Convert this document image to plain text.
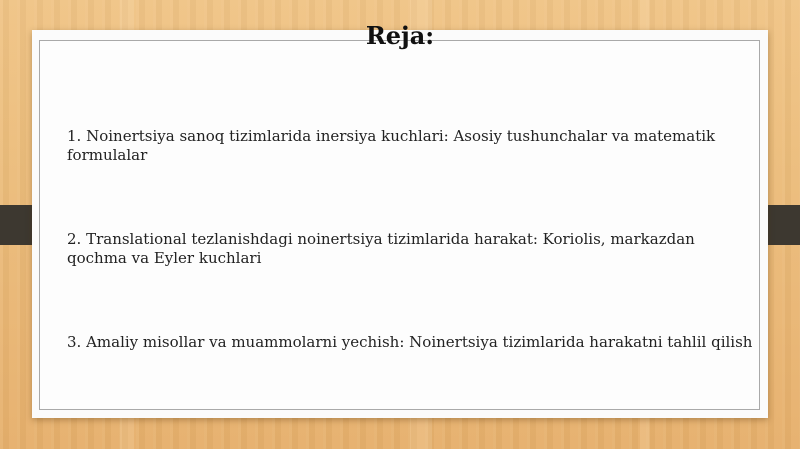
Reja:

1. Noinertsiya sanoq tizimlarida inersiya kuchlari: Asosiy tushunchalar va matematik formulalar

2. Translational tezlanishdagi noinertsiya tizimlarida harakat: Koriolis, markazdan qochma va Eyler kuchlari

3. Amaliy misollar va muammolarni yechish: Noinertsiya tizimlarida harakatni tahlil qilish
